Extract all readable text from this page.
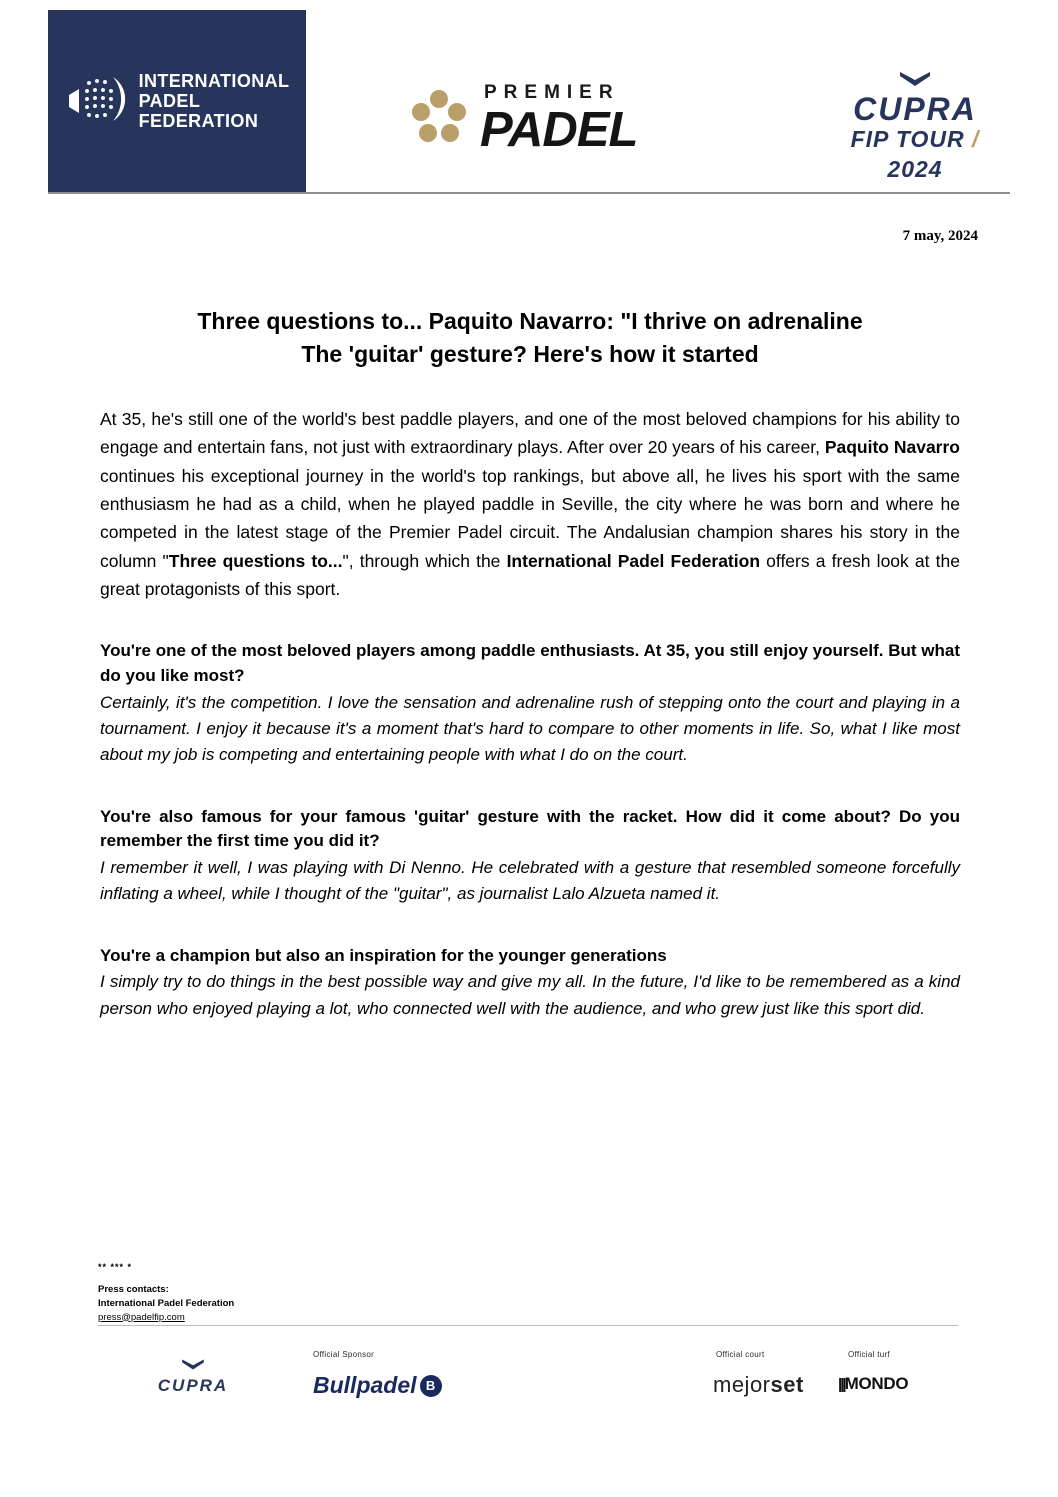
INTERNATIONAL
PADEL
FEDERATION
PREMIER
PADEL	CUPRA
FIP TOUR / 2024
7 may, 2024
Three questions to... Paquito Navarro: "I thrive on adrenaline
The 'guitar' gesture? Here's how it started

At 35, he's still one of the world's best paddle players, and one of the most beloved champions for his ability to engage and entertain fans, not just with extraordinary plays. After over 20 years of his career, Paquito Navarro continues his exceptional journey in the world's top rankings, but above all, he lives his sport with the same enthusiasm he had as a child, when he played paddle in Seville, the city where he was born and where he competed in the latest stage of the Premier Padel circuit. The Andalusian champion shares his story in the column "Three questions to...", through which the International Padel Federation offers a fresh look at the great protagonists of this sport.

You're one of the most beloved players among paddle enthusiasts. At 35, you still enjoy yourself. But what do you like most?

Certainly, it's the competition. I love the sensation and adrenaline rush of stepping onto the court and playing in a tournament. I enjoy it because it's a moment that's hard to compare to other moments in life. So, what I like most about my job is competing and entertaining people with what I do on the court.

You're also famous for your famous 'guitar' gesture with the racket. How did it come about? Do you remember the first time you did it?

I remember it well, I was playing with Di Nenno. He celebrated with a gesture that resembled someone forcefully inflating a wheel, while I thought of the "guitar", as journalist Lalo Alzueta named it.

You're a champion but also an inspiration for the younger generations

I simply try to do things in the best possible way and give my all. In the future, I'd like to be remembered as a kind person who enjoyed playing a lot, who connected well with the audience, and who grew just like this sport did.

** *** *
Press contacts:
International Padel Federation
press@padelfip.com
Official Sponsor	Official court	Official turf
CUPRA	Bullpadel B	mejorset |||MONDO
